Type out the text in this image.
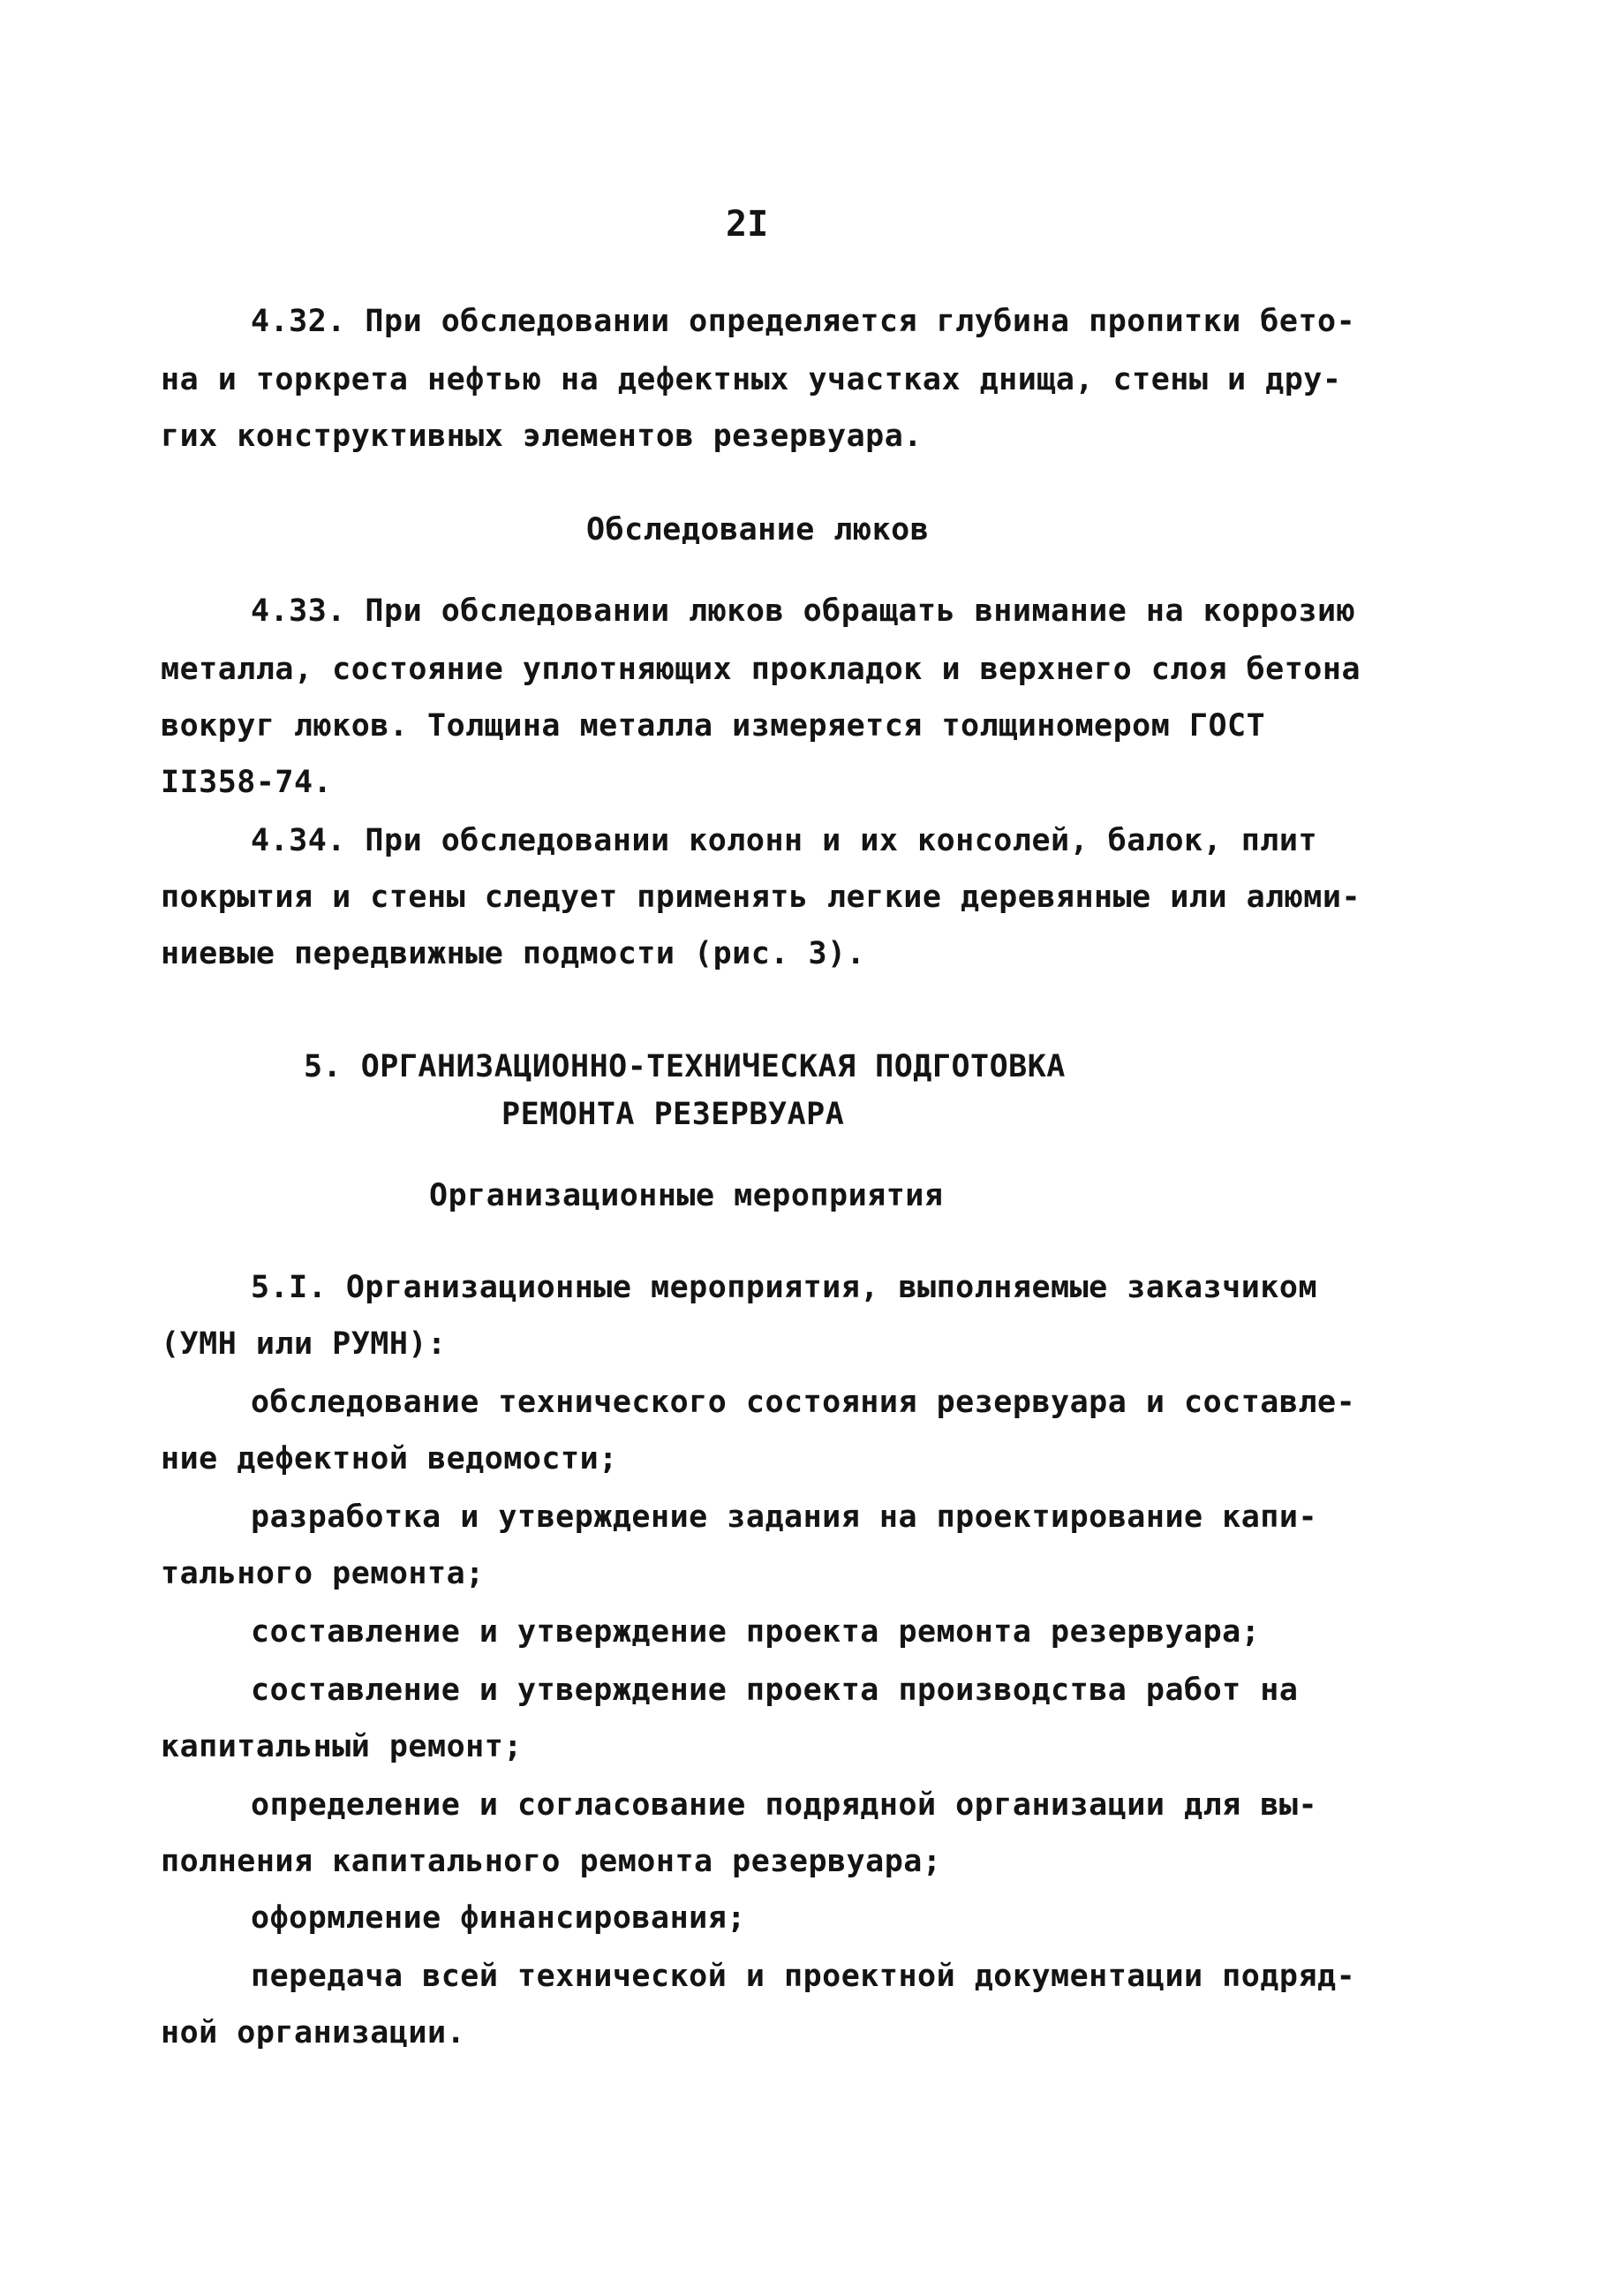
2I
4.32. При обследовании определяется глубина пропитки бето-
на и торкрета нефтью на дефектных участках днища, стены и дру-
гих конструктивных элементов резервуара.
Обследование люков
4.33. При обследовании люков обращать внимание на коррозию
металла, состояние уплотняющих прокладок и верхнего слоя бетона
вокруг люков. Толщина металла измеряется толщиномером ГОСТ
II358-74.
4.34. При обследовании колонн и их консолей, балок, плит
покрытия и стены следует применять легкие деревянные или алюми-
ниевые передвижные подмости (рис. 3).
5. ОРГАНИЗАЦИОННО-ТЕХНИЧЕСКАЯ ПОДГОТОВКА
РЕМОНТА РЕЗЕРВУАРА
Организационные мероприятия
5.I. Организационные мероприятия, выполняемые заказчиком
(УМН или РУМН):
обследование технического состояния резервуара и составле-
ние дефектной ведомости;
разработка и утверждение задания на проектирование капи-
тального ремонта;
составление и утверждение проекта ремонта резервуара;
составление и утверждение проекта производства работ на
капитальный ремонт;
определение и согласование подрядной организации для вы-
полнения капитального ремонта резервуара;
оформление финансирования;
передача всей технической и проектной документации подряд-
ной организации.
